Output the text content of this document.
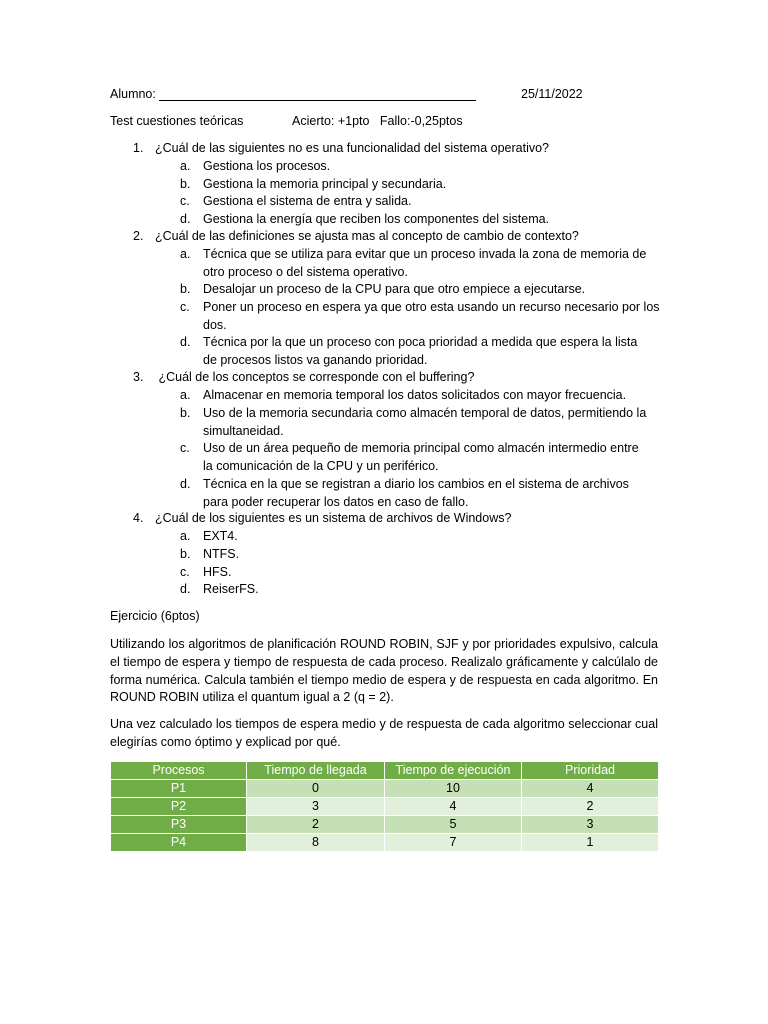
Alumno:	25/11/2022
Test cuestiones teóricas	Acierto: +1pto   Fallo:-0,25ptos
1. ¿Cuál de las siguientes no es una funcionalidad del sistema operativo?
a. Gestiona los procesos.
b. Gestiona la memoria principal y secundaria.
c. Gestiona el sistema de entra y salida.
d. Gestiona la energía que reciben los componentes del sistema.
2. ¿Cuál de las definiciones se ajusta mas al concepto de cambio de contexto?
a. Técnica que se utiliza para evitar que un proceso invada la zona de memoria de otro proceso o del sistema operativo.
b. Desalojar un proceso de la CPU para que otro empiece a ejecutarse.
c. Poner un proceso en espera ya que otro esta usando un recurso necesario por los dos.
d. Técnica por la que un proceso con poca prioridad a medida que espera la lista de procesos listos va ganando prioridad.
3. ¿Cuál de los conceptos se corresponde con el buffering?
a. Almacenar en memoria temporal los datos solicitados con mayor frecuencia.
b. Uso de la memoria secundaria como almacén temporal de datos, permitiendo la simultaneidad.
c. Uso de un área pequeño de memoria principal como almacén intermedio entre la comunicación de la CPU y un periférico.
d. Técnica en la que se registran a diario los cambios en el sistema de archivos para poder recuperar los datos en caso de fallo.
4. ¿Cuál de los siguientes es un sistema de archivos de Windows?
a. EXT4.
b. NTFS.
c. HFS.
d. ReiserFS.
Ejercicio (6ptos)
Utilizando los algoritmos de planificación ROUND ROBIN, SJF y por prioridades expulsivo, calcula el tiempo de espera y tiempo de respuesta de cada proceso. Realizalo gráficamente y calcúlalo de forma numérica. Calcula también el tiempo medio de espera y de respuesta en cada algoritmo. En ROUND ROBIN utiliza el quantum igual a 2 (q = 2).
Una vez calculado los tiempos de espera medio y de respuesta de cada algoritmo seleccionar cual elegirías como óptimo y explicad por qué.
Procesos	Tiempo de llegada	Tiempo de ejecución	Prioridad
P1	0	10	4
P2	3	4	2
P3	2	5	3
P4	8	7	1
